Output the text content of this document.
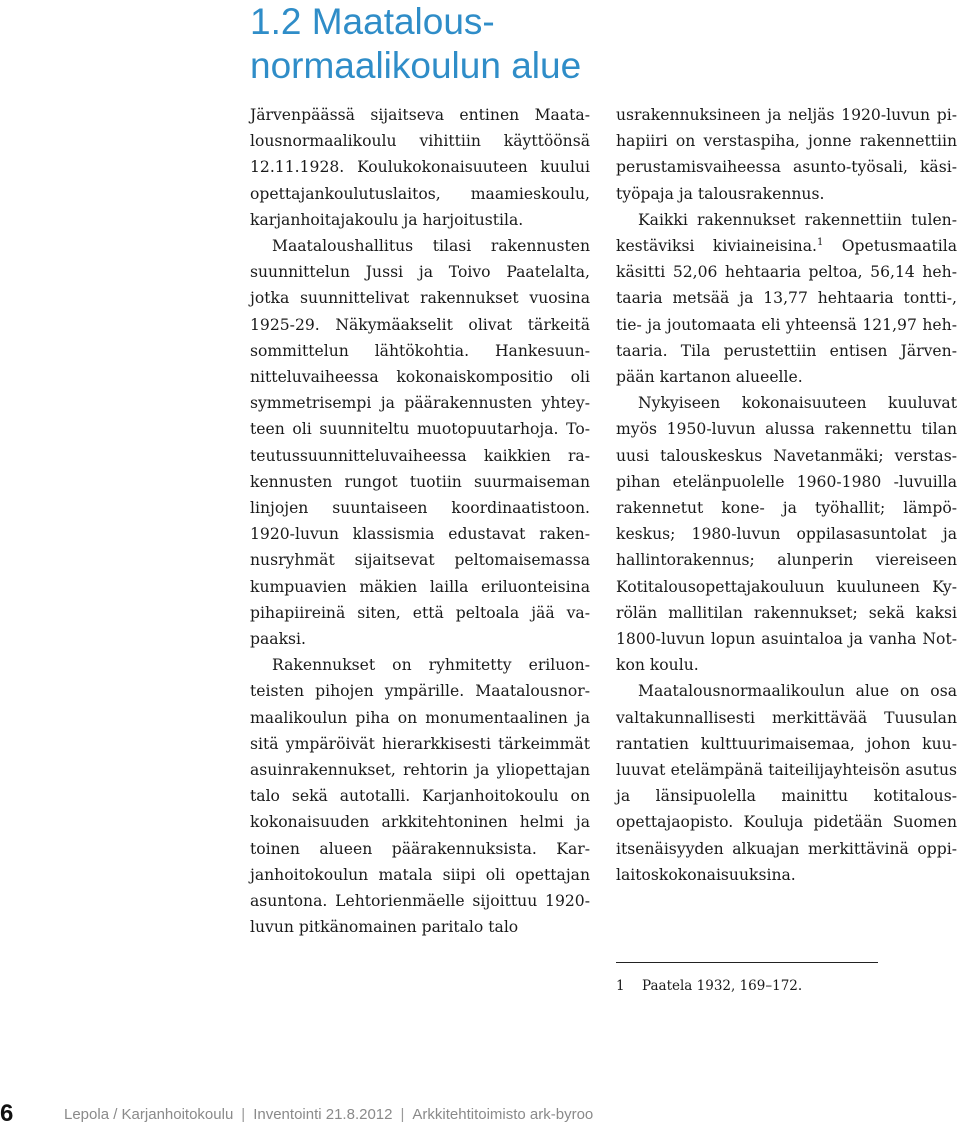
1.2 Maatalous-
normaalikoulun alue

Järvenpäässä sijaitseva entinen Maatalousnormaalikoulu vihittiin käyttöönsä 12.11.1928. Koulukokonaisuuteen kuului opettajankoulutuslaitos, maamieskoulu, karjanhoitajakoulu ja harjoitustila.

Maataloushallitus tilasi rakennusten suunnittelun Jussi ja Toivo Paatelalta, jotka suunnittelivat rakennukset vuosina 1925-29. Näkymäakselit olivat tärkeitä sommittelun lähtökohtia. Hankesuunnitteluvaiheessa kokonaiskompositio oli symmetrisempi ja päärakennusten yhteyteen oli suunniteltu muotopuutarhoja. Toteutussuunnitteluvaiheessa kaikkien rakennusten rungot tuotiin suurmaiseman linjojen suuntaiseen koordinaatistoon. 1920-luvun klassismia edustavat rakennusryhmät sijaitsevat peltomaisemassa kumpuavien mäkien lailla eriluonteisina pihapiireinä siten, että peltoala jää vapaaksi.

Rakennukset on ryhmitetty eriluonteisten pihojen ympärille. Maatalousnormaalikoulun piha on monumentaalinen ja sitä ympäröivät hierarkkisesti tärkeimmät asuinrakennukset, rehtorin ja yliopettajan talo sekä autotalli. Karjanhoitokoulu on kokonaisuuden arkkitehtoninen helmi ja toinen alueen päärakennuksista. Karjanhoitokoulun matala siipi oli opettajan asuntona. Lehtorienmäelle sijoittuu 1920-luvun pitkänomainen paritalo talo

usrakennuksineen ja neljäs 1920-luvun pihapiiri on verstaspiha, jonne rakennettiin perustamisvaiheessa asunto-työsali, käsityöpaja ja talousrakennus.

Kaikki rakennukset rakennettiin tulenkestäviksi kiviaineisina.$^1$ Opetusmaatila käsitti 52,06 hehtaaria peltoa, 56,14 hehtaaria metsää ja 13,77 hehtaaria tontti-, tie- ja joutomaata eli yhteensä 121,97 hehtaaria. Tila perustettiin entisen Järvenpään kartanon alueelle.

Nykyiseen kokonaisuuteen kuuluvat myös 1950-luvun alussa rakennettu tilan uusi talouskeskus Navetanmäki; verstaspihan etelänpuolelle 1960-1980 -luvuilla rakennetut kone- ja työhallit; lämpökeskus; 1980-luvun oppilasasuntolat ja hallintorakennus; alunperin viereiseen Kotitalousopettajakouluun kuuluneen Kyrölän mallitilan rakennukset; sekä kaksi 1800-luvun lopun asuintaloa ja vanha Notkon koulu.

Maatalousnormaalikoulun alue on osa valtakunnallisesti merkittävää Tuusulan rantatien kulttuurimaisemaa, johon kuuluuvat etelämpänä taiteilijayhteisön asutus ja länsipuolella mainittu kotitalousopettajaopisto. Kouluja pidetään Suomen itsenäisyyden alkuajan merkittävinä oppilaitoskokonaisuuksina.

1 Paatela 1932, 169–172.
6	Lepola / Karjanhoitokoulu | Inventointi 21.8.2012 | Arkkitehtitoimisto ark-byroo
